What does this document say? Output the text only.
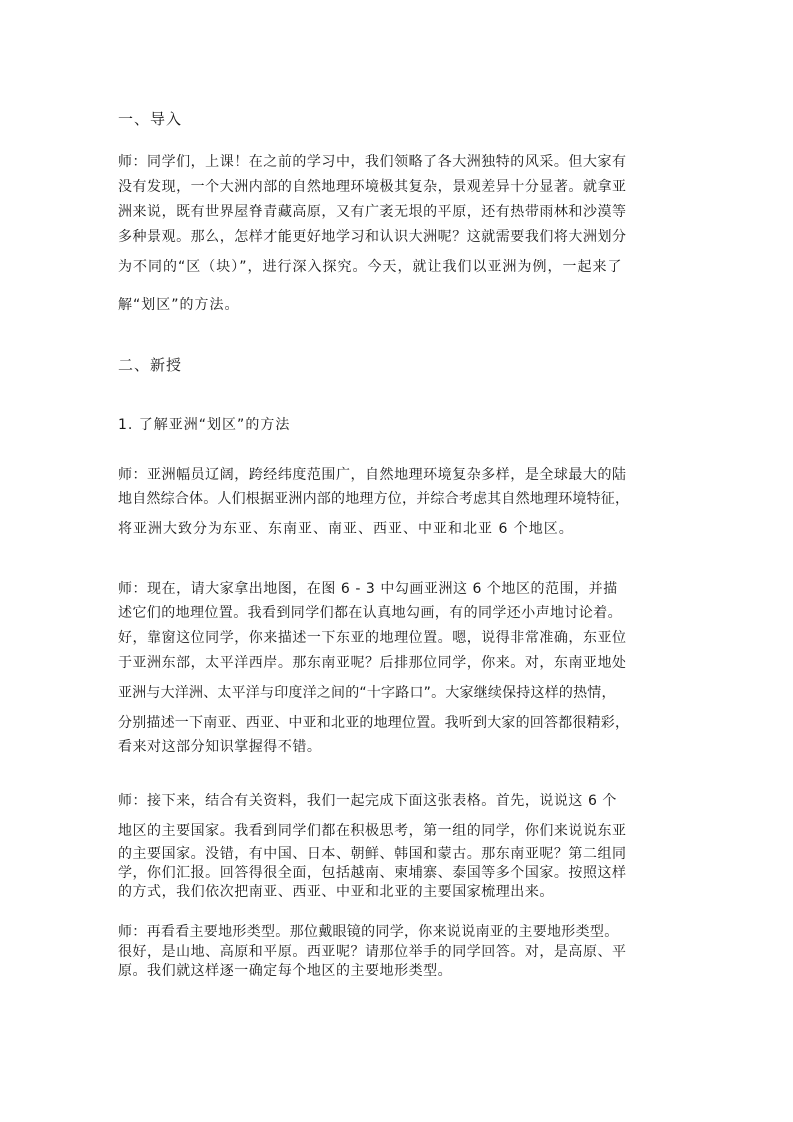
一、导入
师：同学们，上课！在之前的学习中，我们领略了各大洲独特的风采。但大家有
没有发现，一个大洲内部的自然地理环境极其复杂，景观差异十分显著。就拿亚
洲来说，既有世界屋脊青藏高原，又有广袤无垠的平原，还有热带雨林和沙漠等
多种景观。那么，怎样才能更好地学习和认识大洲呢？这就需要我们将大洲划分
为不同的“区（块）”，进行深入探究。今天，就让我们以亚洲为例，一起来了
解“划区”的方法。
二、新授
1. 了解亚洲“划区”的方法
师：亚洲幅员辽阔，跨经纬度范围广，自然地理环境复杂多样，是全球最大的陆
地自然综合体。人们根据亚洲内部的地理方位，并综合考虑其自然地理环境特征，
将亚洲大致分为东亚、东南亚、南亚、西亚、中亚和北亚 6 个地区。
师：现在，请大家拿出地图，在图 6 - 3 中勾画亚洲这 6 个地区的范围，并描
述它们的地理位置。我看到同学们都在认真地勾画，有的同学还小声地讨论着。
好，靠窗这位同学，你来描述一下东亚的地理位置。嗯，说得非常准确，东亚位
于亚洲东部，太平洋西岸。那东南亚呢？后排那位同学，你来。对，东南亚地处
亚洲与大洋洲、太平洋与印度洋之间的“十字路口”。大家继续保持这样的热情，
分别描述一下南亚、西亚、中亚和北亚的地理位置。我听到大家的回答都很精彩，
看来对这部分知识掌握得不错。
师：接下来，结合有关资料，我们一起完成下面这张表格。首先，说说这 6 个
地区的主要国家。我看到同学们都在积极思考，第一组的同学，你们来说说东亚
的主要国家。没错，有中国、日本、朝鲜、韩国和蒙古。那东南亚呢？第二组同
学，你们汇报。回答得很全面，包括越南、柬埔寨、泰国等多个国家。按照这样
的方式，我们依次把南亚、西亚、中亚和北亚的主要国家梳理出来。
师：再看看主要地形类型。那位戴眼镜的同学，你来说说南亚的主要地形类型。
很好，是山地、高原和平原。西亚呢？请那位举手的同学回答。对，是高原、平
原。我们就这样逐一确定每个地区的主要地形类型。
